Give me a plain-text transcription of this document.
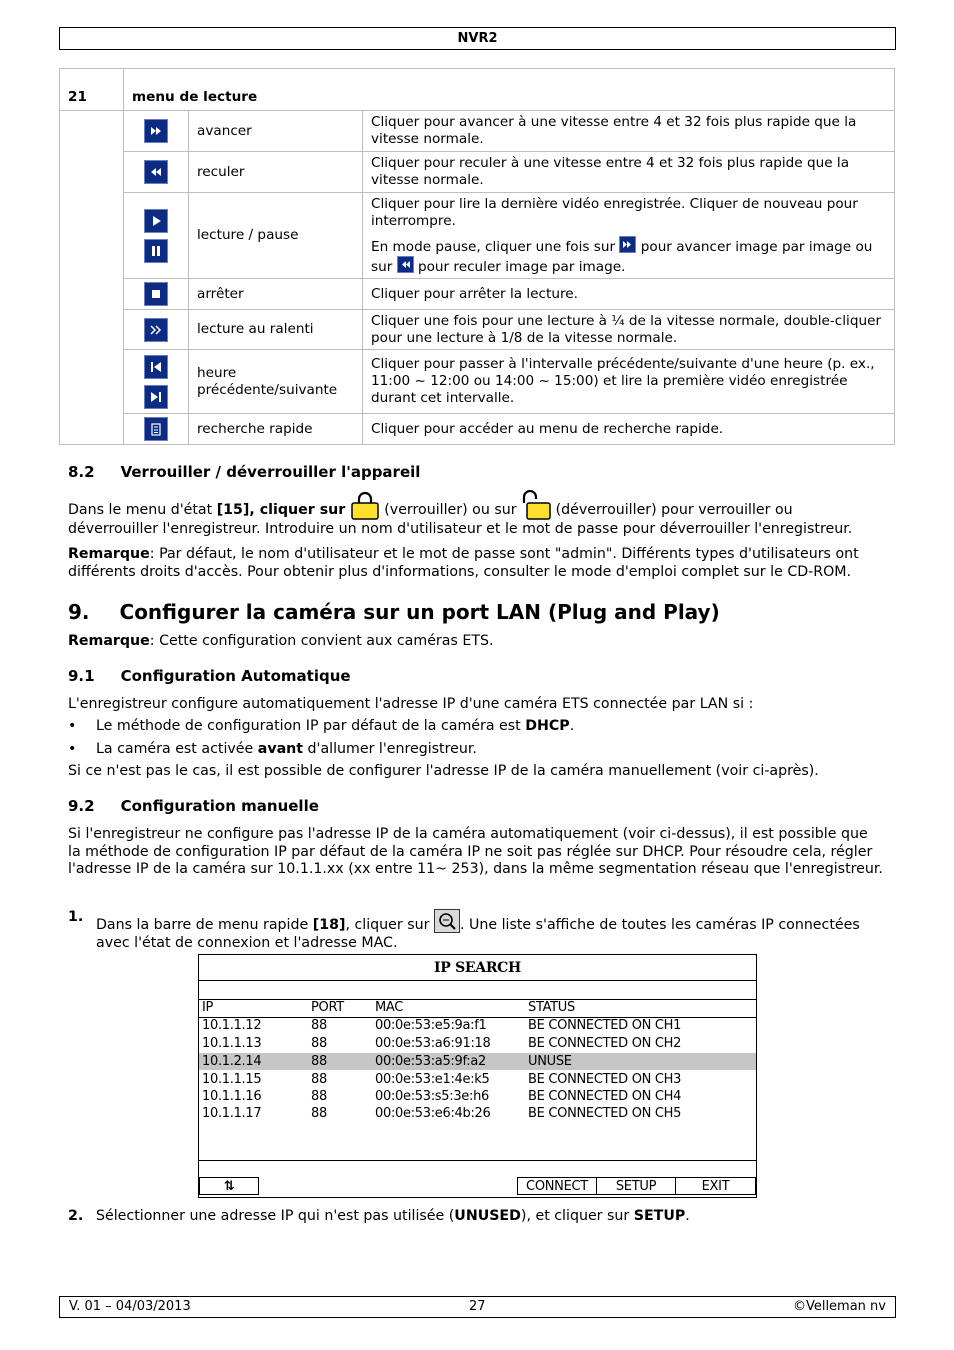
NVR2
21	menu de lecture		

	avancer	Cliquer pour avancer à une vitesse entre 4 et 32 fois plus rapide que la vitesse normale.

	reculer	Cliquer pour reculer à une vitesse entre 4 et 32 fois plus rapide que la vitesse normale.

	lecture / pause	Cliquer pour lire la dernière vidéo enregistrée. Cliquer de nouveau pour interrompre.
En mode pause, cliquer une fois sur pour avancer image par image ou sur pour reculer image par image.

	arrêter	Cliquer pour arrêter la lecture.

	lecture au ralenti	Cliquer une fois pour une lecture à ¼ de la vitesse normale, double-cliquer pour une lecture à 1/8 de la vitesse normale.

heure
précédente/suivante	Cliquer pour passer à l'intervalle précédente/suivante d'une heure (p. ex., 11:00 ~ 12:00 ou 14:00 ~ 15:00) et lire la première vidéo enregistrée durant cet intervalle.

	recherche rapide	Cliquer pour accéder au menu de recherche rapide.
8.2 Verrouiller / déverrouiller l'appareil

Dans le menu d'état [15], cliquer sur  (verrouiller) ou sur  (déverrouiller) pour verrouiller ou déverrouiller l'enregistreur. Introduire un nom d'utilisateur et le mot de passe pour déverrouiller l'enregistreur.

Remarque: Par défaut, le nom d'utilisateur et le mot de passe sont "admin". Différents types d'utilisateurs ont différents droits d'accès. Pour obtenir plus d'informations, consulter le mode d'emploi complet sur le CD-ROM.

9. Configurer la caméra sur un port LAN (Plug and Play)

Remarque: Cette configuration convient aux caméras ETS.

9.1 Configuration Automatique

L'enregistreur configure automatiquement l'adresse IP d'une caméra ETS connectée par LAN si :

• Le méthode de configuration IP par défaut de la caméra est DHCP.

• La caméra est activée avant d'allumer l'enregistreur.

Si ce n'est pas le cas, il est possible de configurer l'adresse IP de la caméra manuellement (voir ci-après).

9.2 Configuration manuelle

Si l'enregistreur ne configure pas l'adresse IP de la caméra automatiquement (voir ci-dessus), il est possible que la méthode de configuration IP par défaut de la caméra IP ne soit pas réglée sur DHCP. Pour résoudre cela, régler l'adresse IP de la caméra sur 10.1.1.xx (xx entre 11~ 253), dans la même segmentation réseau que l'enregistreur.

1. Dans la barre de menu rapide [18], cliquer sur . Une liste s'affiche de toutes les caméras IP connectées avec l'état de connexion et l'adresse MAC.

IP SEARCH
IP	PORT MAC	STATUS
10.1.1.12	88	00:0e:53:e5:9a:f1	BE CONNECTED ON CH1
10.1.1.13	88	00:0e:53:a6:91:18	BE CONNECTED ON CH2
10.1.2.14	88	00:0e:53:a5:9f:a2	UNUSE
10.1.1.15	88	00:0e:53:e1:4e:k5	BE CONNECTED ON CH3
10.1.1.16	88	00:0e:53:s5:3e:h6	BE CONNECTED ON CH4
10.1.1.17	88	00:0e:53:e6:4b:26	BE CONNECTED ON CH5
⇅	CONNECT	SETUP	EXIT

2. Sélectionner une adresse IP qui n'est pas utilisée (UNUSED), et cliquer sur SETUP.

V. 01 – 04/03/2013	27	©Velleman nv
